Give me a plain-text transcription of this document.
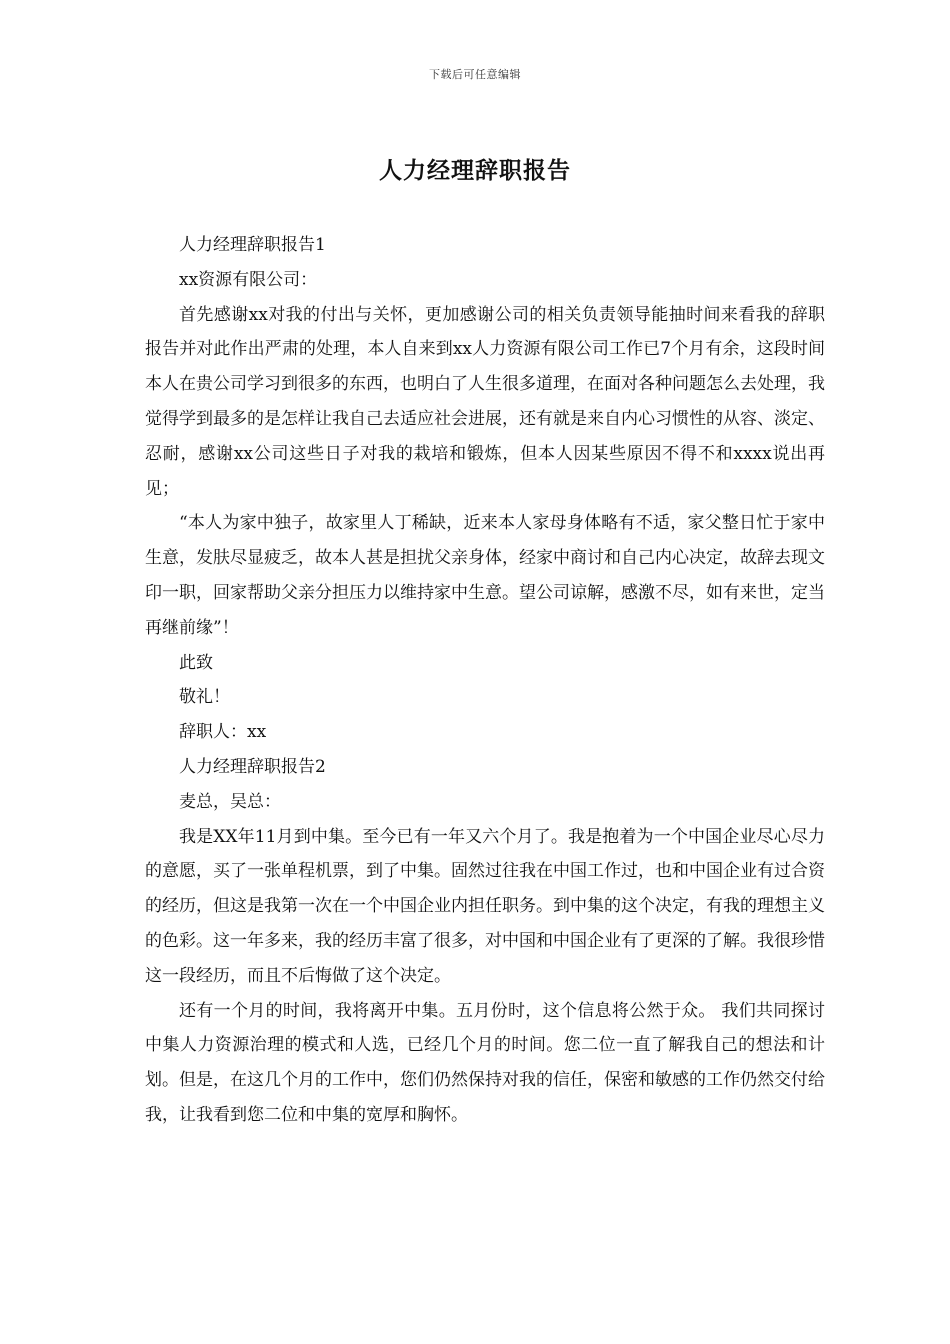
下载后可任意编辑
人力经理辞职报告

人力经理辞职报告1

xx资源有限公司：

首先感谢xx对我的付出与关怀，更加感谢公司的相关负责领导能抽时间来看我的辞职报告并对此作出严肃的处理，本人自来到xx人力资源有限公司工作已7个月有余，这段时间本人在贵公司学习到很多的东西，也明白了人生很多道理，在面对各种问题怎么去处理，我觉得学到最多的是怎样让我自己去适应社会进展，还有就是来自内心习惯性的从容、淡定、忍耐，感谢xx公司这些日子对我的栽培和锻炼，但本人因某些原因不得不和xxxx说出再见；

“本人为家中独子，故家里人丁稀缺，近来本人家母身体略有不适，家父整日忙于家中生意，发肤尽显疲乏，故本人甚是担扰父亲身体，经家中商讨和自己内心决定，故辞去现文印一职，回家帮助父亲分担压力以维持家中生意。望公司谅解，感激不尽，如有来世，定当再继前缘”！

此致

敬礼！

辞职人：xx

人力经理辞职报告2

麦总，吴总：

我是XX年11月到中集。至今已有一年又六个月了。我是抱着为一个中国企业尽心尽力的意愿，买了一张单程机票，到了中集。固然过往我在中国工作过，也和中国企业有过合资的经历，但这是我第一次在一个中国企业内担任职务。到中集的这个决定，有我的理想主义的色彩。这一年多来，我的经历丰富了很多，对中国和中国企业有了更深的了解。我很珍惜这一段经历，而且不后悔做了这个决定。

还有一个月的时间，我将离开中集。五月份时，这个信息将公然于众。 我们共同探讨中集人力资源治理的模式和人选，已经几个月的时间。您二位一直了解我自己的想法和计划。但是，在这几个月的工作中，您们仍然保持对我的信任，保密和敏感的工作仍然交付给我，让我看到您二位和中集的宽厚和胸怀。
